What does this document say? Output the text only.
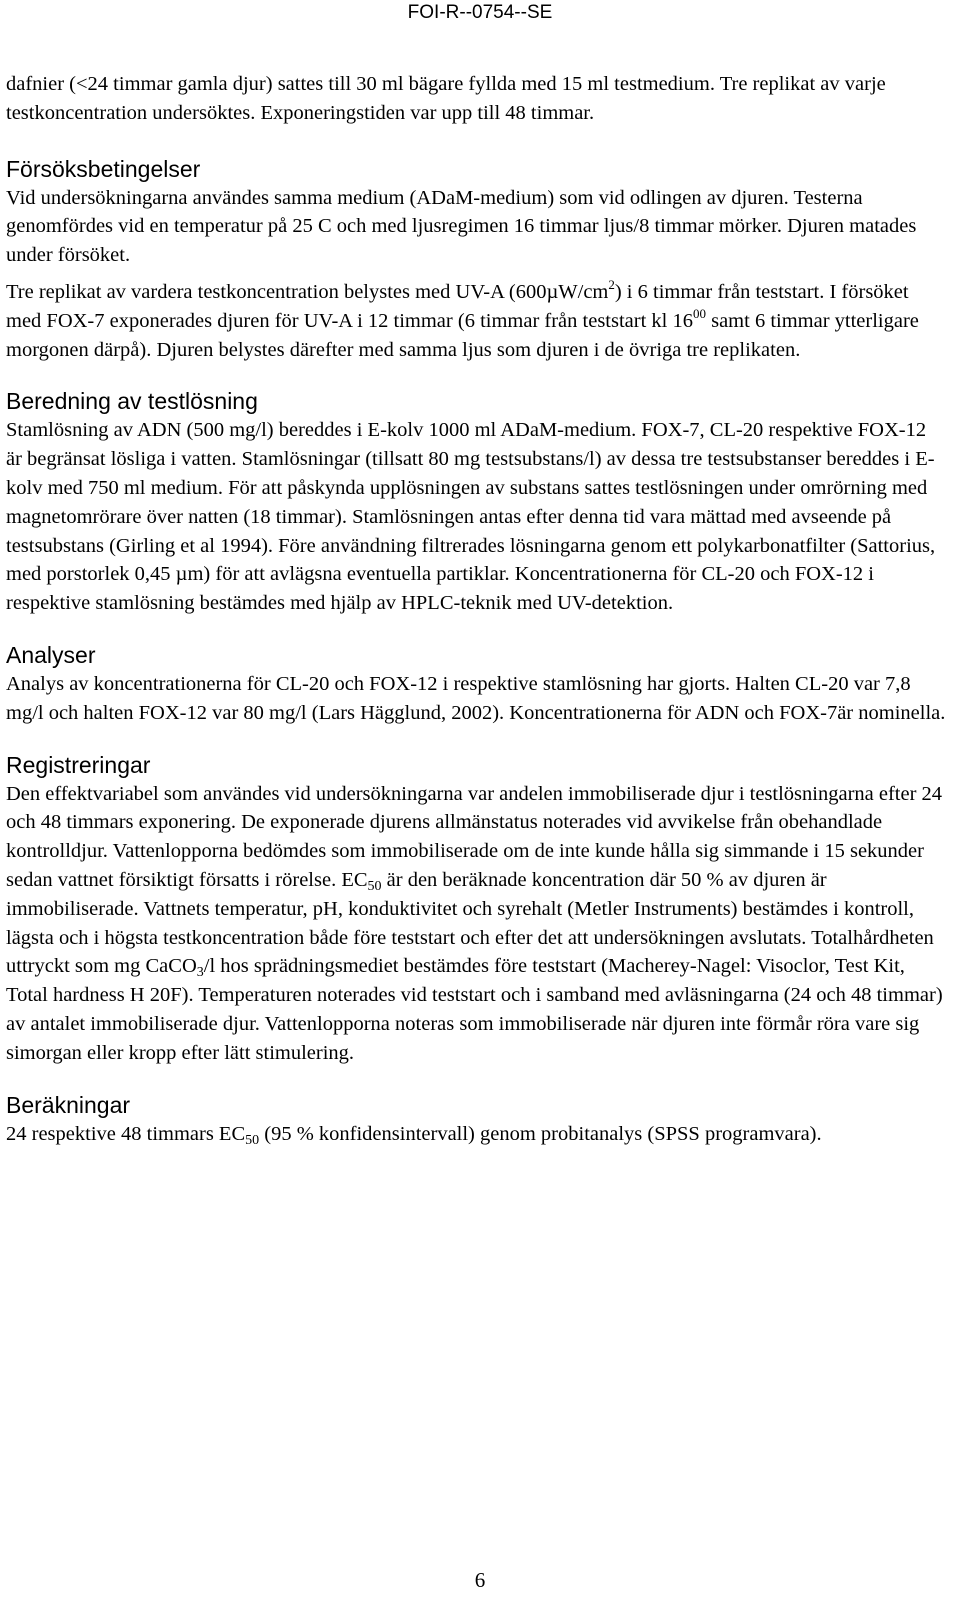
FOI-R--0754--SE

dafnier (<24 timmar gamla djur) sattes till 30 ml bägare fyllda med 15 ml testmedium. Tre replikat av varje testkoncentration undersöktes. Exponeringstiden var upp till 48 timmar.

Försöksbetingelser

Vid undersökningarna användes samma medium (ADaM-medium) som vid odlingen av djuren. Testerna genomfördes vid en temperatur på 25 C och med ljusregimen 16 timmar ljus/8 timmar mörker. Djuren matades under försöket.

Tre replikat av vardera testkoncentration belystes med UV-A $(600\mu W/cm^2)$ i 6 timmar från teststart. I försöket med FOX-7 exponerades djuren för UV-A i 12 timmar (6 timmar från teststart kl $16^{00}$ samt 6 timmar ytterligare morgonen därpå). Djuren belystes därefter med samma ljus som djuren i de övriga tre replikaten.

Beredning av testlösning

Stamlösning av ADN (500 mg/l) bereddes i E-kolv 1000 ml ADaM-medium. FOX-7, CL-20 respektive FOX-12 är begränsat lösliga i vatten. Stamlösningar (tillsatt 80 mg testsubstans/l) av dessa tre testsubstanser bereddes i E-kolv med 750 ml medium. För att påskynda upplösningen av substans sattes testlösningen under omrörning med magnetomrörare över natten (18 timmar). Stamlösningen antas efter denna tid vara mättad med avseende på testsubstans (Girling et al 1994). Före användning filtrerades lösningarna genom ett polykarbonatfilter (Sattorius, med porstorlek 0,45 µm) för att avlägsna eventuella partiklar. Koncentrationerna för CL-20 och FOX-12 i respektive stamlösning bestämdes med hjälp av HPLC-teknik med UV-detektion.

Analyser

Analys av koncentrationerna för CL-20 och FOX-12 i respektive stamlösning har gjorts. Halten CL-20 var 7,8 mg/l och halten FOX-12 var 80 mg/l (Lars Hägglund, 2002). Koncentrationerna för ADN och FOX-7är nominella.

Registreringar

Den effektvariabel som användes vid undersökningarna var andelen immobiliserade djur i testlösningarna efter 24 och 48 timmars exponering. De exponerade djurens allmänstatus noterades vid avvikelse från obehandlade kontrolldjur. Vattenlopporna bedömdes som immobiliserade om de inte kunde hålla sig simmande i 15 sekunder sedan vattnet försiktigt försatts i rörelse. $EC_{50}$ är den beräknade koncentration där 50 % av djuren är immobiliserade. Vattnets temperatur, pH, konduktivitet och syrehalt (Metler Instruments) bestämdes i kontroll, lägsta och i högsta testkoncentration både före teststart och efter det att undersökningen avslutats. Totalhårdheten uttryckt som mg CaCO$_3$/l hos sprädningsmediet bestämdes före teststart (Macherey-Nagel: Visoclor, Test Kit, Total hardness H 20F). Temperaturen noterades vid teststart och i samband med avläsningarna (24 och 48 timmar) av antalet immobiliserade djur. Vattenlopporna noteras som immobiliserade när djuren inte förmår röra vare sig simorgan eller kropp efter lätt stimulering.

Beräkningar

24 respektive 48 timmars $EC_{50}$ (95 % konfidensintervall) genom probitanalys (SPSS programvara).

6
